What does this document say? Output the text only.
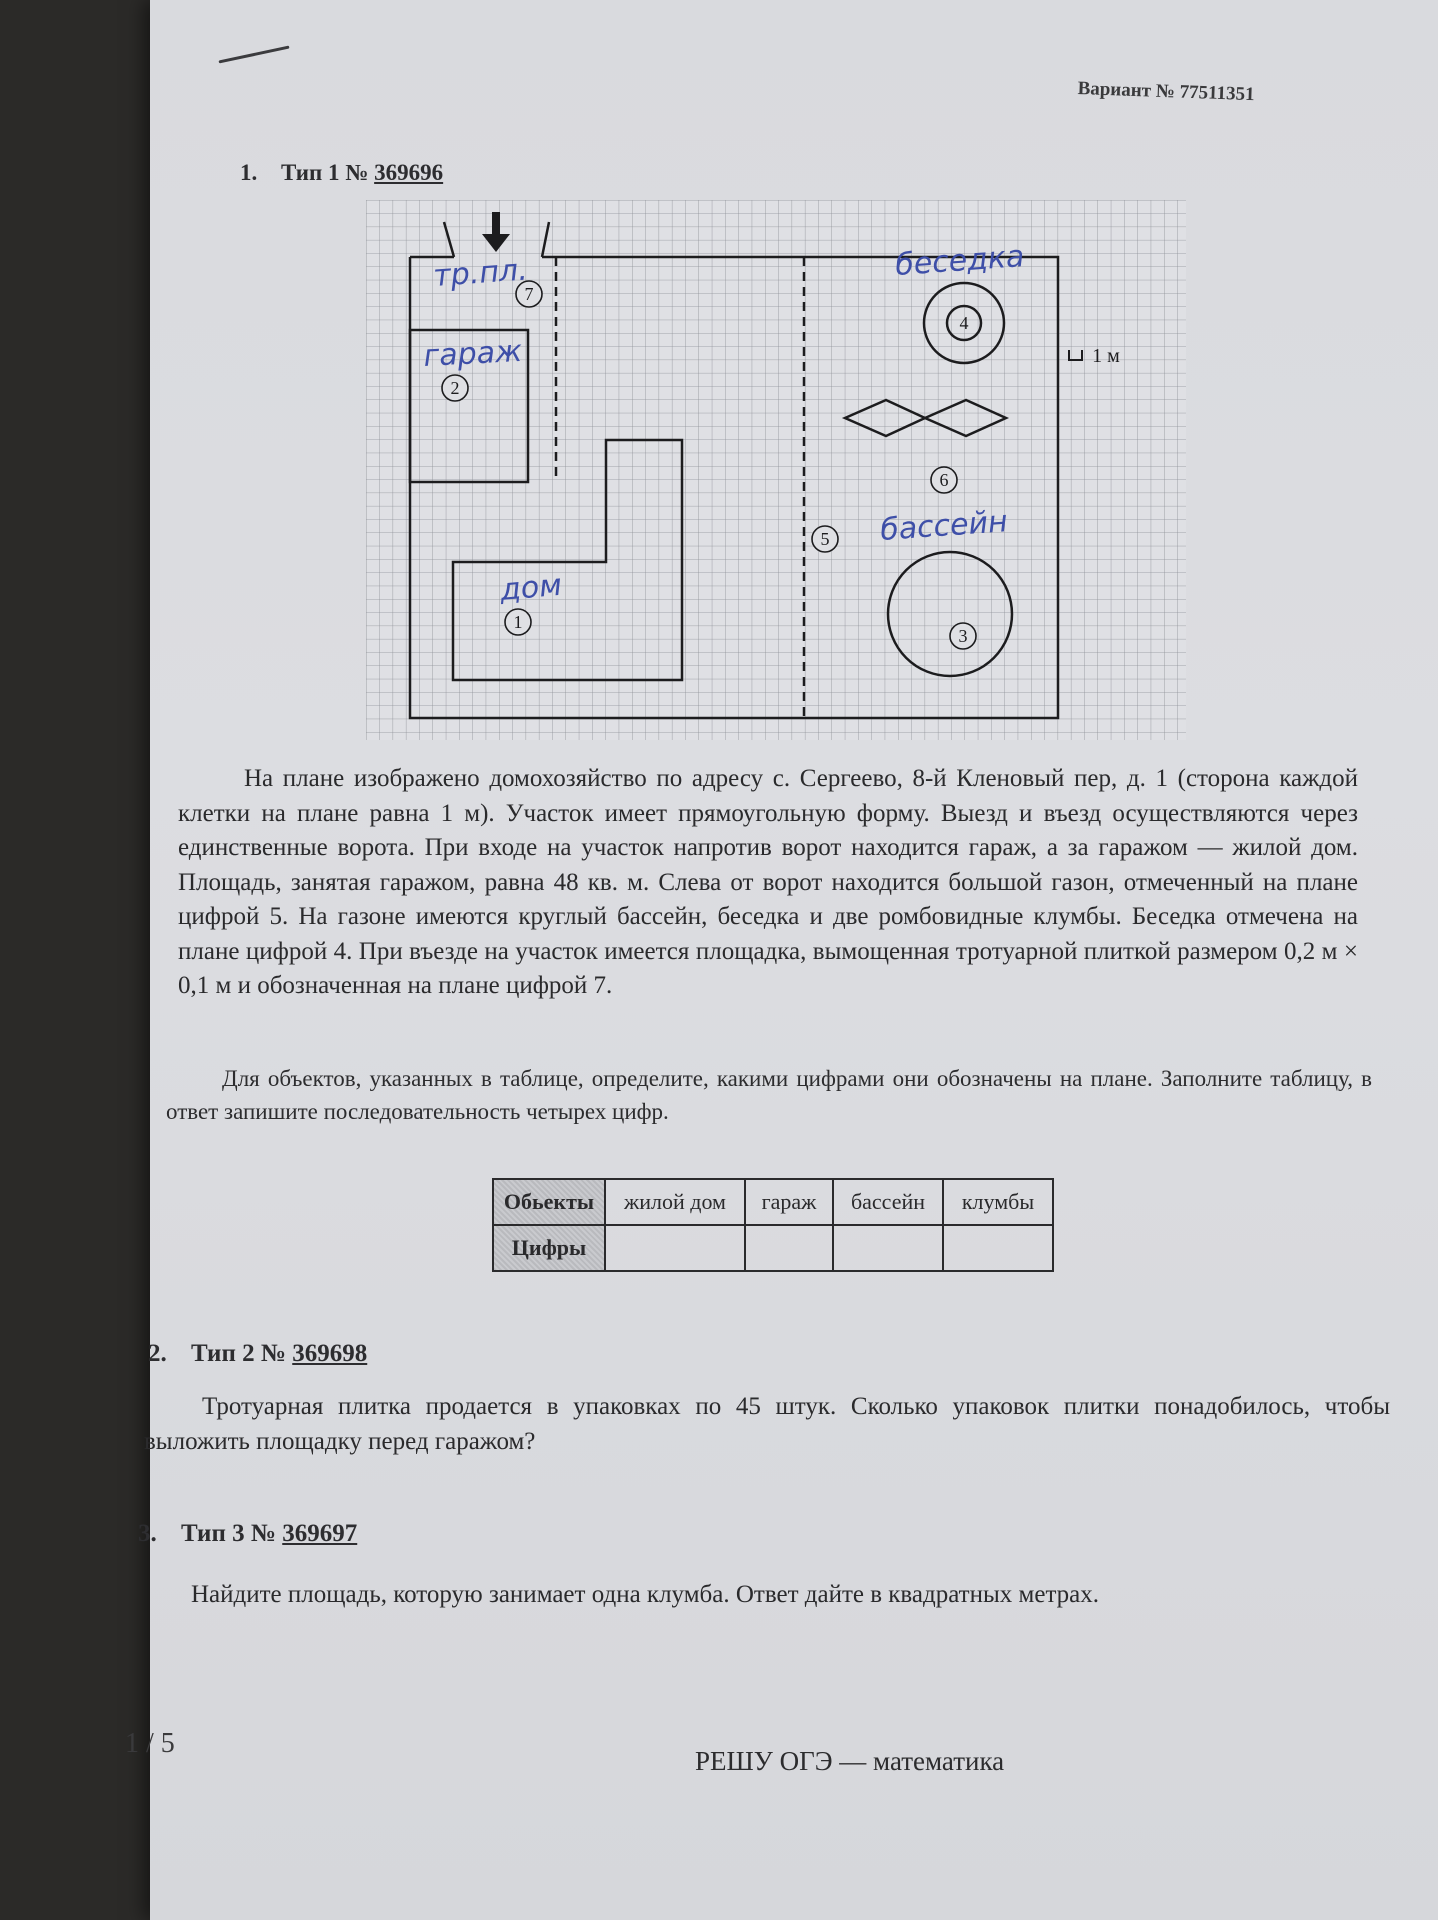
Вариант № 77511351
1. Тип 1 № 369696
7
2
4
6
5
1
3
1 м
тр.пл.
гараж
дом
беседка
бассейн
На плане изображено домохозяйство по адресу с. Сергеево, 8-й Кленовый пер, д. 1 (сторона каждой клетки на плане равна 1 м). Участок имеет прямоугольную форму. Выезд и въезд осуществляются через единственные ворота. При входе на участок напротив ворот находится гараж, а за гаражом — жилой дом. Площадь, занятая гаражом, равна 48 кв. м. Слева от ворот находится большой газон, отмеченный на плане цифрой 5. На газоне имеются круглый бассейн, беседка и две ромбовидные клумбы. Беседка отмечена на плане цифрой 4. При въезде на участок имеется площадка, вымощенная тротуарной плиткой размером 0,2 м × 0,1 м и обозначенная на плане цифрой 7.
Для объектов, указанных в таблице, определите, какими цифрами они обозначены на плане. Заполните таблицу, в ответ запишите последовательность четырех цифр.
Обьекты	жилой дом	гараж	бассейн	клумбы
Цифры				
2. Тип 2 № 369698
Тротуарная плитка продается в упаковках по 45 штук. Сколько упаковок плитки понадобилось, чтобы выложить площадку перед гаражом?
3. Тип 3 № 369697
Найдите площадь, которую занимает одна клумба. Ответ дайте в квадратных метрах.
1 / 5
РЕШУ ОГЭ — математика
